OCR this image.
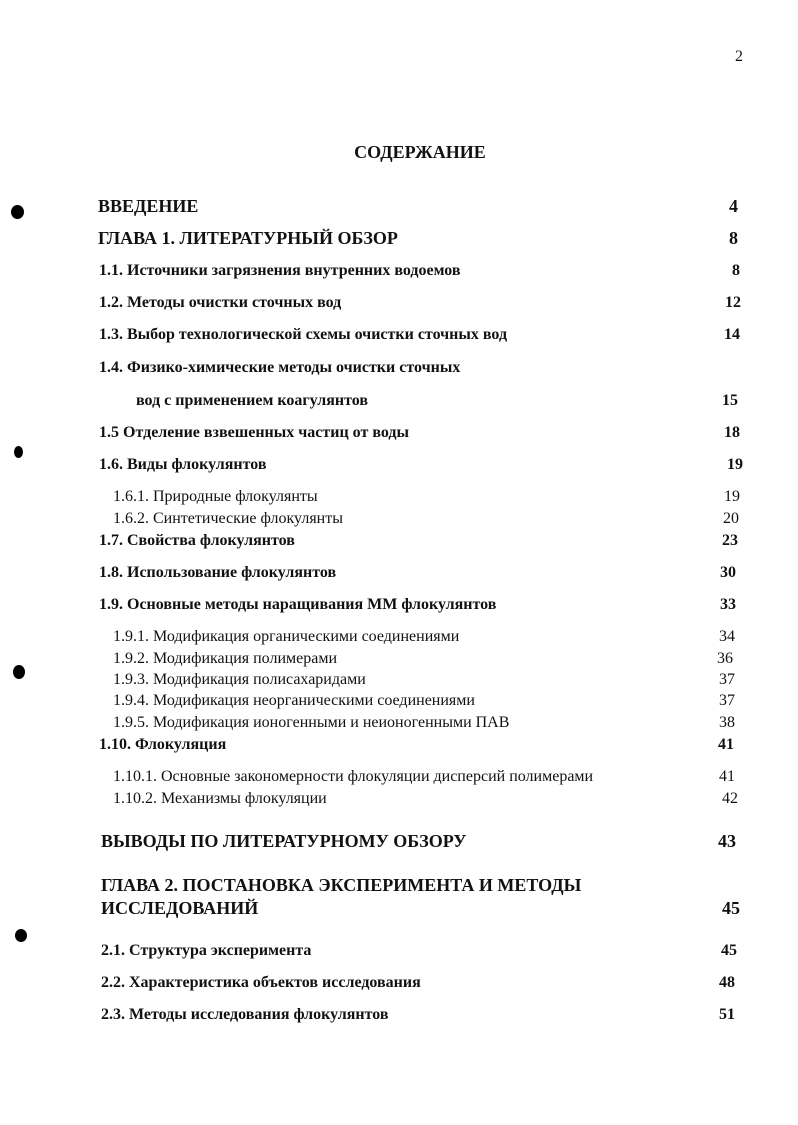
2
СОДЕРЖАНИЕ
ВВЕДЕНИЕ	4
ГЛАВА 1. ЛИТЕРАТУРНЫЙ ОБЗОР	8
1.1. Источники загрязнения внутренних водоемов	8
1.2. Методы очистки сточных вод	12
1.3. Выбор технологической схемы очистки сточных вод	14
1.4. Физико-химические методы очистки сточных
вод с применением коагулянтов	15
1.5 Отделение взвешенных частиц от воды	18
1.6. Виды флокулянтов	19
1.6.1. Природные флокулянты	19
1.6.2. Синтетические флокулянты	20
1.7. Свойства флокулянтов	23
1.8. Использование флокулянтов	30
1.9. Основные методы наращивания ММ флокулянтов	33
1.9.1. Модификация органическими соединениями	34
1.9.2. Модификация полимерами	36
1.9.3. Модификация полисахаридами	37
1.9.4. Модификация неорганическими соединениями	37
1.9.5. Модификация ионогенными и неионогенными ПАВ	38
1.10. Флокуляция	41
1.10.1. Основные закономерности флокуляции дисперсий полимерами	41
1.10.2. Механизмы флокуляции	42
ВЫВОДЫ ПО ЛИТЕРАТУРНОМУ ОБЗОРУ	43
ГЛАВА 2. ПОСТАНОВКА ЭКСПЕРИМЕНТА И МЕТОДЫ
ИССЛЕДОВАНИЙ	45
2.1. Структура эксперимента	45
2.2. Характеристика объектов исследования	48
2.3. Методы исследования флокулянтов	51
